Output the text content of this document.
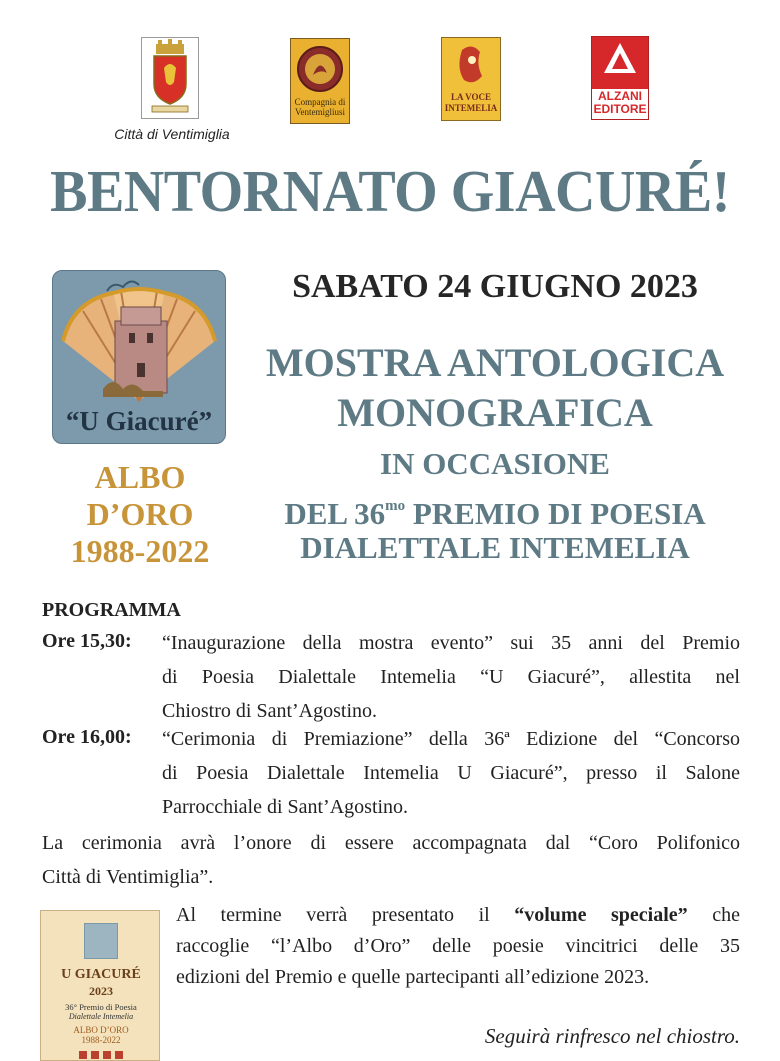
Città di Ventimiglia
Compagnia di
Ventemigliusi
LA VOCE
INTEMELIA
ALZANI
EDITORE
BENTORNATO GIACURÉ!
“U Giacuré”
ALBO
D’ORO
1988-2022
SABATO 24 GIUGNO 2023
MOSTRA ANTOLOGICA
MONOGRAFICA
IN OCCASIONE
DEL $36^{mo}$ PREMIO DI POESIA
DIALETTALE INTEMELIA
PROGRAMMA
Ore 15,30: “Inaugurazione della mostra evento” sui 35 anni del Premio
di Poesia Dialettale Intemelia “U Giacuré”, allestita nel
Chiostro di Sant’Agostino.
Ore 16,00: “Cerimonia di Premiazione” della 36ª Edizione del “Concorso
di Poesia Dialettale Intemelia U Giacuré”, presso il Salone
Parrocchiale di Sant’Agostino.
La cerimonia avrà l’onore di essere accompagnata dal “Coro Polifonico
Città di Ventimiglia”.
U GIACURÉ
2023
36° Premio di Poesia
Dialettale Intemelia
ALBO D’ORO
1988-2022
Al termine verrà presentato il “volume speciale” che
raccoglie “l’Albo d’Oro” delle poesie vincitrici delle 35
edizioni del Premio e quelle partecipanti all’edizione 2023.
Seguirà rinfresco nel chiostro.
